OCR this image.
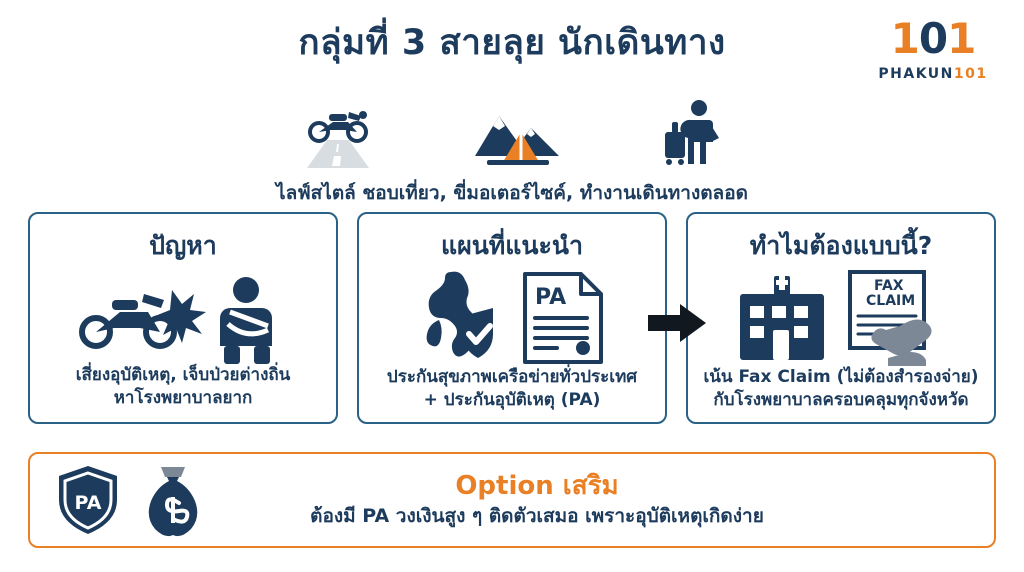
กลุ่มที่ 3 สายลุย นักเดินทาง	101
PHAKUN101
ไลฟ์สไตล์ ชอบเที่ยว, ขี่มอเตอร์ไซค์, ทำงานเดินทางตลอด
ปัญหา
เสี่ยงอุบัติเหตุ, เจ็บป่วยต่างถิ่น
หาโรงพยาบาลยาก
แผนที่แนะนำ
PA
ประกันสุขภาพเครือข่ายทั่วประเทศ
+ ประกันอุบัติเหตุ (PA)
ทำไมต้องแบบนี้?
FAX
CLAIM
เน้น Fax Claim (ไม่ต้องสำรองจ่าย)
กับโรงพยาบาลครอบคลุมทุกจังหวัด
PA
Option เสริม
ต้องมี PA วงเงินสูง ๆ ติดตัวเสมอ เพราะอุบัติเหตุเกิดง่าย
